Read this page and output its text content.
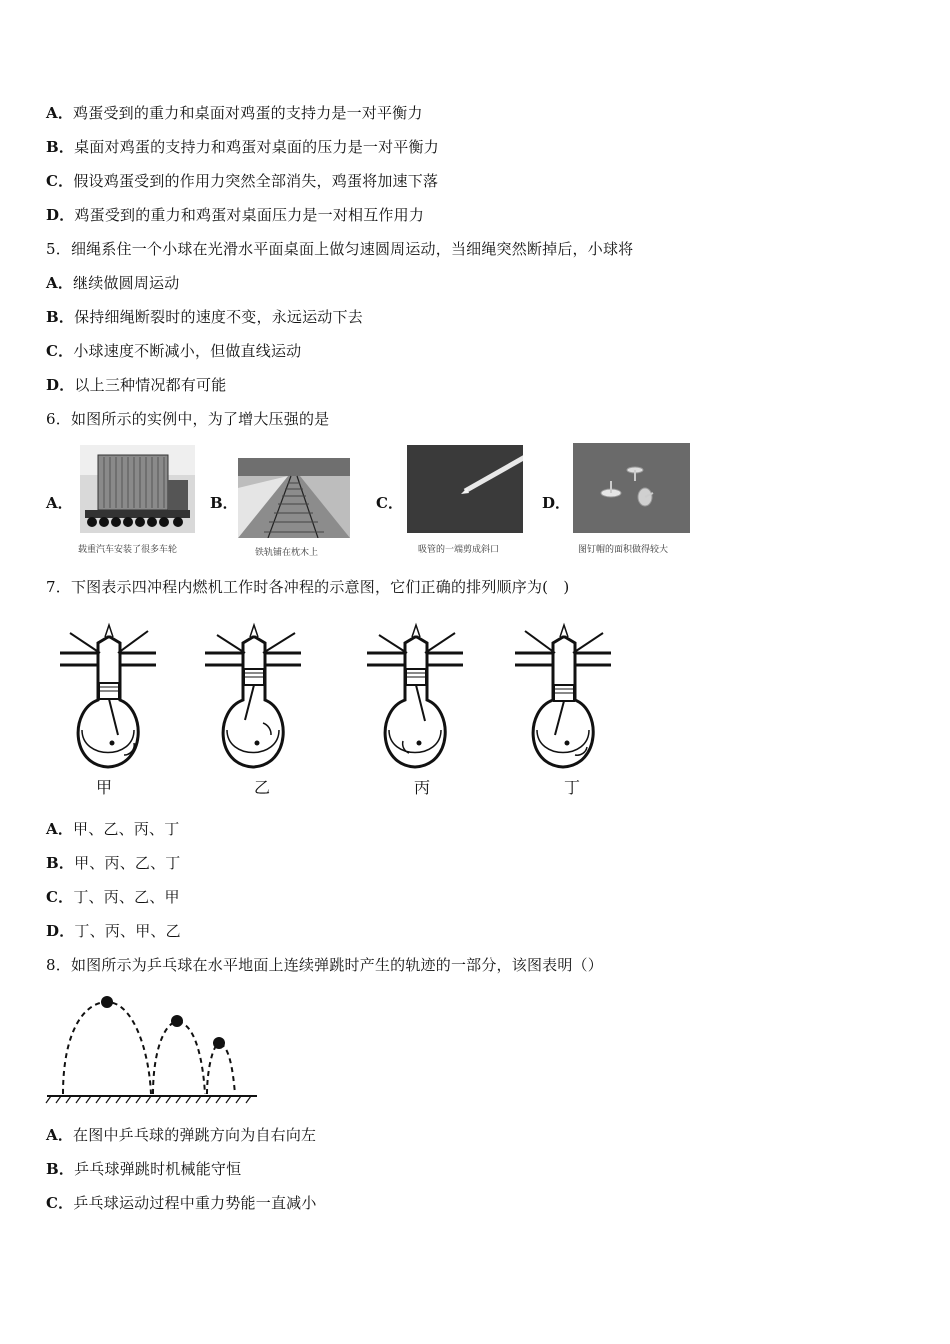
A．鸡蛋受到的重力和桌面对鸡蛋的支持力是一对平衡力
B．桌面对鸡蛋的支持力和鸡蛋对桌面的压力是一对平衡力
C．假设鸡蛋受到的作用力突然全部消失，鸡蛋将加速下落
D．鸡蛋受到的重力和鸡蛋对桌面压力是一对相互作用力
5．细绳系住一个小球在光滑水平面桌面上做匀速圆周运动，当细绳突然断掉后，小球将
A．继续做圆周运动
B．保持细绳断裂时的速度不变，永远运动下去
C．小球速度不断减小，但做直线运动
D．以上三种情况都有可能
6．如图所示的实例中，为了增大压强的是
A．
载重汽车安装了很多车轮
B．
铁轨铺在枕木上
C．
吸管的一端剪成斜口
D．
图钉帽的面积做得较大
7．下图表示四冲程内燃机工作时各冲程的示意图，它们正确的排列顺序为(　)
甲	乙	丙	丁
A．甲、乙、丙、丁
B．甲、丙、乙、丁
C．丁、丙、乙、甲
D．丁、丙、甲、乙
8．如图所示为乒乓球在水平地面上连续弹跳时产生的轨迹的一部分，该图表明（）
A．在图中乒乓球的弹跳方向为自右向左
B．乒乓球弹跳时机械能守恒
C．乒乓球运动过程中重力势能一直减小
